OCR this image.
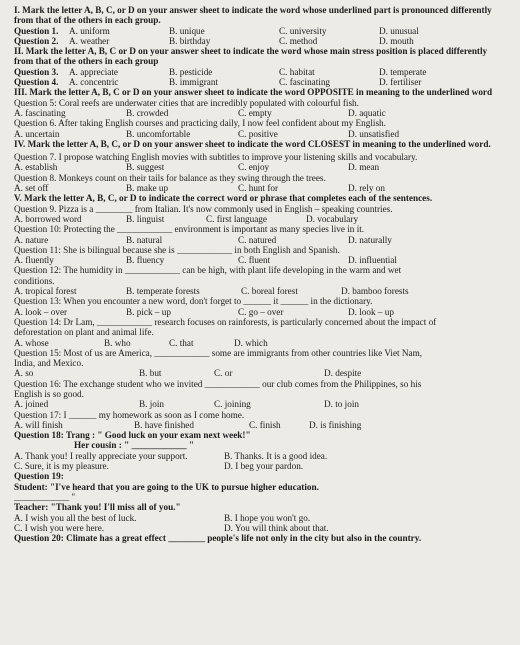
I. Mark the letter A, B, C, or D on your answer sheet to indicate the word whose underlined part is pronounced differently from that of the others in each group.
Question 1.	A. uniform	B. unique	C. university	D. unusual
Question 2.	A. weather	B. birthday	C. method	D. mouth
II. Mark the letter A, B, C or D on your answer sheet to indicate the word whose main stress position is placed differently from that of the others in each group
Question 3.	A. appreciate	B. pesticide	C. habitat	D. temperate
Question 4.	A. concentric	B. immigrant	C. fascinating	D. fertiliser
III. Mark the letter A, B, C or D on your answer sheet to indicate the word OPPOSITE in meaning to the underlined word
Question 5: Coral reefs are underwater cities that are incredibly populated with colourful fish.
A. fascinating	B. crowded	C. empty	D. aquatic
Question 6. After taking English courses and practicing daily, I now feel confident about my English.
A. uncertain	B. uncomfortable	C. positive	D. unsatisfied
IV. Mark the letter A, B, C, or D on your answer sheet to indicate the word CLOSEST in meaning to the underlined word.
Question 7. I propose watching English movies with subtitles to improve your listening skills and vocabulary.
A. establish	B. suggest	C. enjoy	D. mean
Question 8. Monkeys count on their tails for balance as they swing through the trees.
A. set off	B. make up	C. hunt for	D. rely on
V. Mark the letter A, B, C, or D to indicate the correct word or phrase that completes each of the sentences.
Question 9. Pizza is a ________ from Italian. It's now commonly used in English – speaking countries.
A. borrowed word	B. linguist	C. first language	D. vocabulary
Question 10: Protecting the ____________ environment is important as many species live in it.
A. nature	B. natural	C. natured	D. naturally
Question 11: She is bilingual because she is ____________ in both English and Spanish.
A. fluently	B. fluency	C. fluent	D. influential
Question 12: The humidity in ____________ can be high, with plant life developing in the warm and wet
conditions.
A. tropical forest	B. temperate forests	C. boreal forest	D. bamboo forests
Question 13: When you encounter a new word, don't forget to ______ it ______ in the dictionary.
A. look – over	B. pick – up	C. go – over	D. look – up
Question 14: Dr Lam, ____________ research focuses on rainforests, is particularly concerned about the impact of
deforestation on plant and animal life.
A. whose	B. who	C. that	D. which
Question 15: Most of us are America, ____________ some are immigrants from other countries like Viet Nam,
India, and Mexico.
A. so	B. but	C. or	D. despite
Question 16: The exchange student who we invited ____________ our club comes from the Philippines, so his
English is so good.
A. joined	B. join	C. joining	D. to join
Question 17: I ______ my homework as soon as I come home.
A. will finish	B. have finished	C. finish	D. is finishing
Question 18: Trang : " Good luck on your exam next week!"
Her cousin : " ____________ "
A. Thank you! I really appreciate your support.	B. Thanks. It is a good idea.
C. Sure, it is my pleasure.	D. I beg your pardon.
Question 19:
Student: "I've heard that you are going to the UK to pursue higher education.
____________ "
Teacher: "Thank you! I'll miss all of you."
A. I wish you all the best of luck.	B. I hope you won't go.
C. I wish you were here.	D. You will think about that.
Question 20: Climate has a great effect ________ people's life not only in the city but also in the country.
